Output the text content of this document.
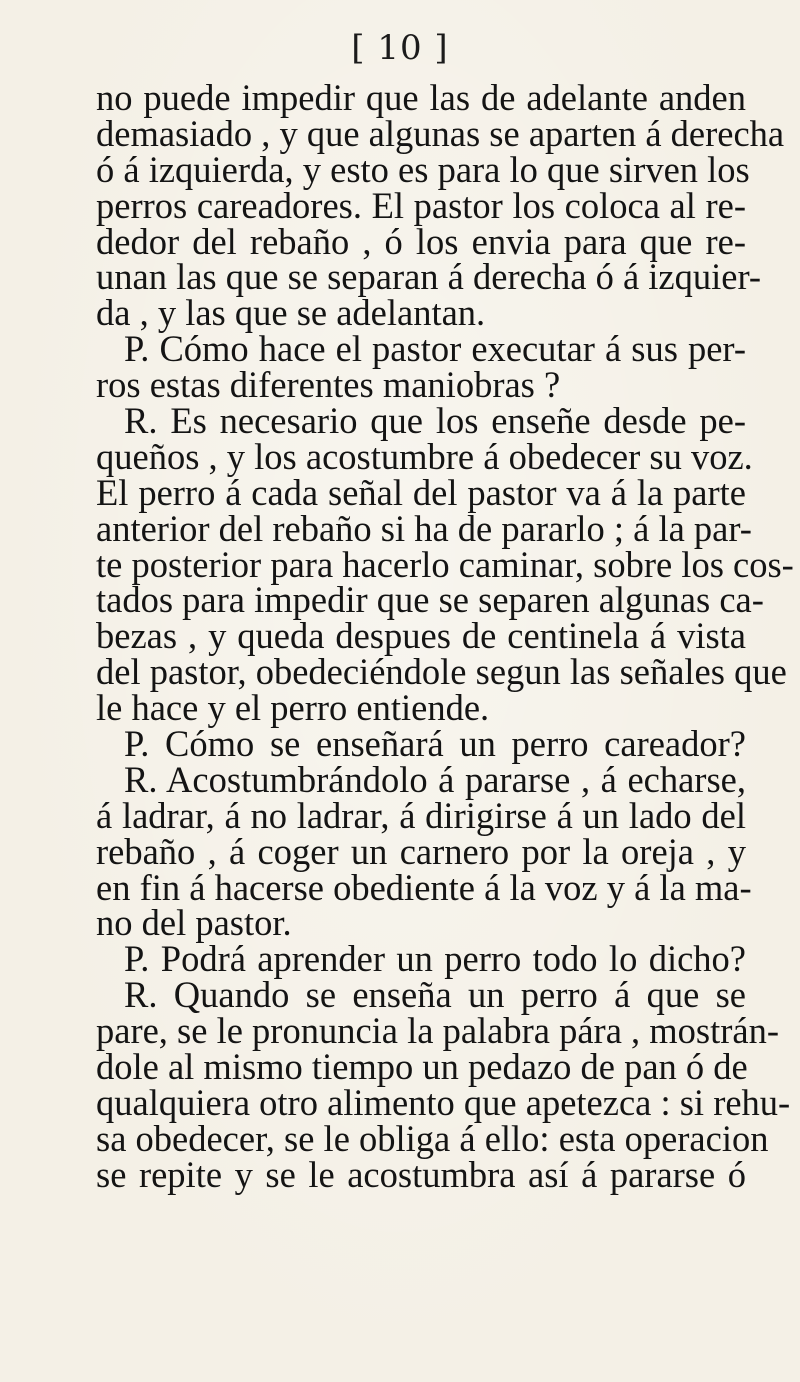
[ 10 ]
no puede impedir que las de adelante anden
demasiado , y que algunas se aparten á derecha
ó á izquierda, y esto es para lo que sirven los
perros careadores. El pastor los coloca al re-
dedor del rebaño , ó los envia para que re-
unan las que se separan á derecha ó á izquier-
da , y las que se adelantan.
P. Cómo hace el pastor executar á sus per-
ros estas diferentes maniobras ?
R. Es necesario que los enseñe desde pe-
queños , y los acostumbre á obedecer su voz.
El perro á cada señal del pastor va á la parte
anterior del rebaño si ha de pararlo ; á la par-
te posterior para hacerlo caminar, sobre los cos-
tados para impedir que se separen algunas ca-
bezas , y queda despues de centinela á vista
del pastor, obedeciéndole segun las señales que
le hace y el perro entiende.
P. Cómo se enseñará un perro careador?
R. Acostumbrándolo á pararse , á echarse,
á ladrar, á no ladrar, á dirigirse á un lado del
rebaño , á coger un carnero por la oreja , y
en fin á hacerse obediente á la voz y á la ma-
no del pastor.
P. Podrá aprender un perro todo lo dicho?
R. Quando se enseña un perro á que se
pare, se le pronuncia la palabra pára , mostrán-
dole al mismo tiempo un pedazo de pan ó de
qualquiera otro alimento que apetezca : si rehu-
sa obedecer, se le obliga á ello: esta operacion
se repite y se le acostumbra así á pararse ó
